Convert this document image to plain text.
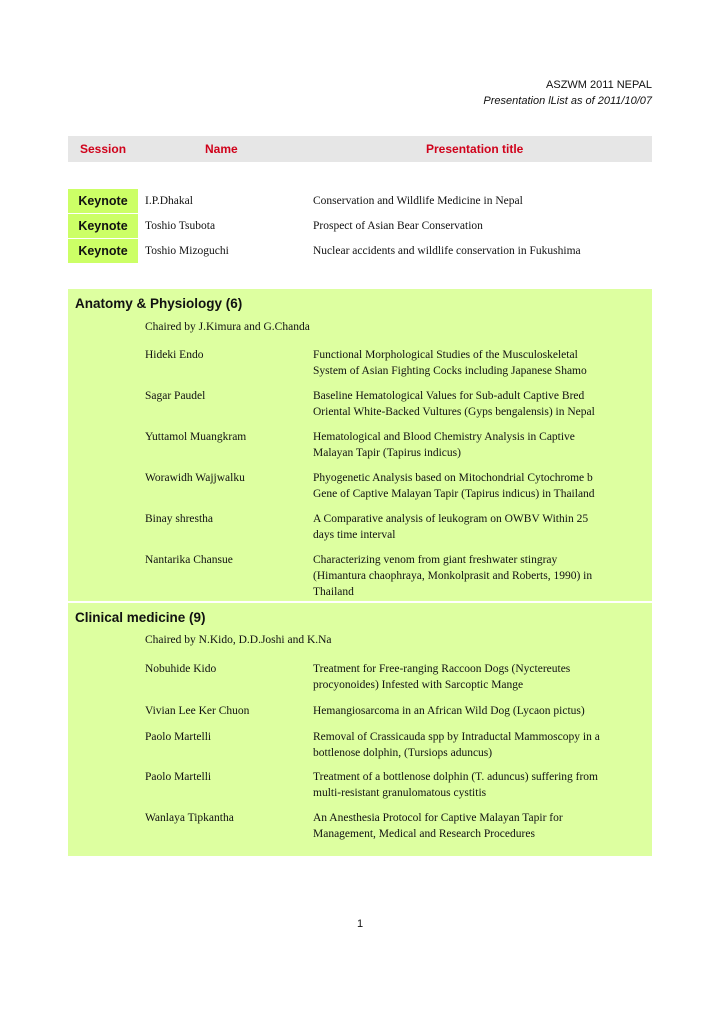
ASZWM 2011 NEPAL
Presentation lList as of 2011/10/07
Session	Name	Presentation title
Keynote	I.P.Dhakal	Conservation and Wildlife Medicine in Nepal
Keynote	Toshio Tsubota	Prospect of Asian Bear Conservation
Keynote	Toshio Mizoguchi	Nuclear accidents and wildlife conservation in Fukushima
Anatomy & Physiology (6)
Chaired by J.Kimura and G.Chanda
Hideki Endo	Functional Morphological Studies of the Musculoskeletal
System of Asian Fighting Cocks including Japanese Shamo
Sagar Paudel	Baseline Hematological Values for Sub-adult Captive Bred
Oriental White-Backed Vultures (Gyps bengalensis) in Nepal
Yuttamol Muangkram	Hematological and Blood Chemistry Analysis in Captive
Malayan Tapir (Tapirus indicus)
Worawidh Wajjwalku	Phyogenetic Analysis based on Mitochondrial Cytochrome b
Gene of Captive Malayan Tapir (Tapirus indicus) in Thailand
Binay shrestha	A Comparative analysis of leukogram on OWBV Within 25
days time interval
Nantarika Chansue	Characterizing venom from giant freshwater stingray
(Himantura chaophraya, Monkolprasit and Roberts, 1990) in
Thailand
Clinical medicine (9)
Chaired by N.Kido, D.D.Joshi and K.Na
Nobuhide Kido	Treatment for Free-ranging Raccoon Dogs (Nyctereutes
procyonoides) Infested with Sarcoptic Mange
Vivian Lee Ker Chuon	Hemangiosarcoma in an African Wild Dog (Lycaon pictus)
Paolo Martelli	Removal of Crassicauda spp by Intraductal Mammoscopy in a
bottlenose dolphin, (Tursiops aduncus)
Paolo Martelli	Treatment of a bottlenose dolphin (T. aduncus) suffering from
multi-resistant granulomatous cystitis
Wanlaya Tipkantha	An Anesthesia Protocol for Captive Malayan Tapir for
Management, Medical and Research Procedures
1
